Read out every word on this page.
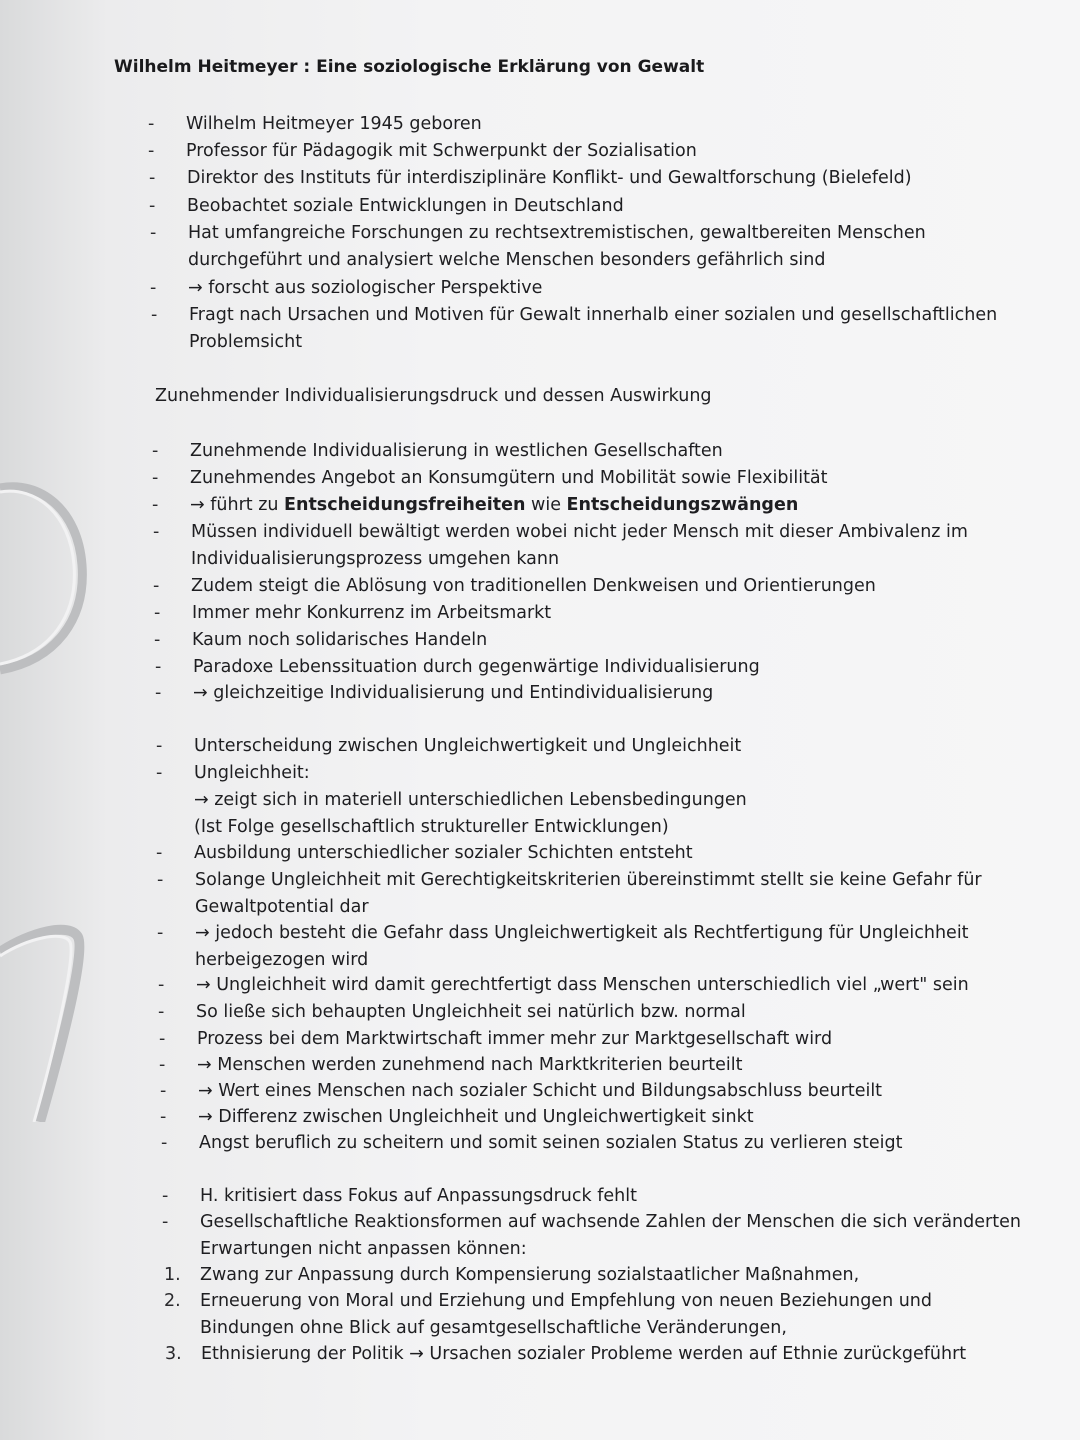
Wilhelm Heitmeyer : Eine soziologische Erklärung von Gewalt
-	Wilhelm Heitmeyer 1945 geboren
-	Professor für Pädagogik mit Schwerpunkt der Sozialisation
-	Direktor des Instituts für interdisziplinäre Konflikt- und Gewaltforschung (Bielefeld)
-	Beobachtet soziale Entwicklungen in Deutschland
-	Hat umfangreiche Forschungen zu rechtsextremistischen, gewaltbereiten Menschen
durchgeführt und analysiert welche Menschen besonders gefährlich sind
-	→ forscht aus soziologischer Perspektive
-	Fragt nach Ursachen und Motiven für Gewalt innerhalb einer sozialen und gesellschaftlichen
Problemsicht
Zunehmender Individualisierungsdruck und dessen Auswirkung
-	Zunehmende Individualisierung in westlichen Gesellschaften
-	Zunehmendes Angebot an Konsumgütern und Mobilität sowie Flexibilität
-	→ führt zu Entscheidungsfreiheiten wie Entscheidungszwängen
-	Müssen individuell bewältigt werden wobei nicht jeder Mensch mit dieser Ambivalenz im
Individualisierungsprozess umgehen kann
-	Zudem steigt die Ablösung von traditionellen Denkweisen und Orientierungen
-	Immer mehr Konkurrenz im Arbeitsmarkt
-	Kaum noch solidarisches Handeln
-	Paradoxe Lebenssituation durch gegenwärtige Individualisierung
-	→ gleichzeitige Individualisierung und Entindividualisierung
-	Unterscheidung zwischen Ungleichwertigkeit und Ungleichheit
-	Ungleichheit:
→ zeigt sich in materiell unterschiedlichen Lebensbedingungen
(Ist Folge gesellschaftlich struktureller Entwicklungen)
-	Ausbildung unterschiedlicher sozialer Schichten entsteht
-	Solange Ungleichheit mit Gerechtigkeitskriterien übereinstimmt stellt sie keine Gefahr für
Gewaltpotential dar
-	→ jedoch besteht die Gefahr dass Ungleichwertigkeit als Rechtfertigung für Ungleichheit
herbeigezogen wird
-	→ Ungleichheit wird damit gerechtfertigt dass Menschen unterschiedlich viel „wert" sein
-	So ließe sich behaupten Ungleichheit sei natürlich bzw. normal
-	Prozess bei dem Marktwirtschaft immer mehr zur Marktgesellschaft wird
-	→ Menschen werden zunehmend nach Marktkriterien beurteilt
-	→ Wert eines Menschen nach sozialer Schicht und Bildungsabschluss beurteilt
-	→ Differenz zwischen Ungleichheit und Ungleichwertigkeit sinkt
-	Angst beruflich zu scheitern und somit seinen sozialen Status zu verlieren steigt
-	H. kritisiert dass Fokus auf Anpassungsdruck fehlt
-	Gesellschaftliche Reaktionsformen auf wachsende Zahlen der Menschen die sich veränderten
Erwartungen nicht anpassen können:
1.	Zwang zur Anpassung durch Kompensierung sozialstaatlicher Maßnahmen,
2.	Erneuerung von Moral und Erziehung und Empfehlung von neuen Beziehungen und
Bindungen ohne Blick auf gesamtgesellschaftliche Veränderungen,
3.	Ethnisierung der Politik → Ursachen sozialer Probleme werden auf Ethnie zurückgeführt
